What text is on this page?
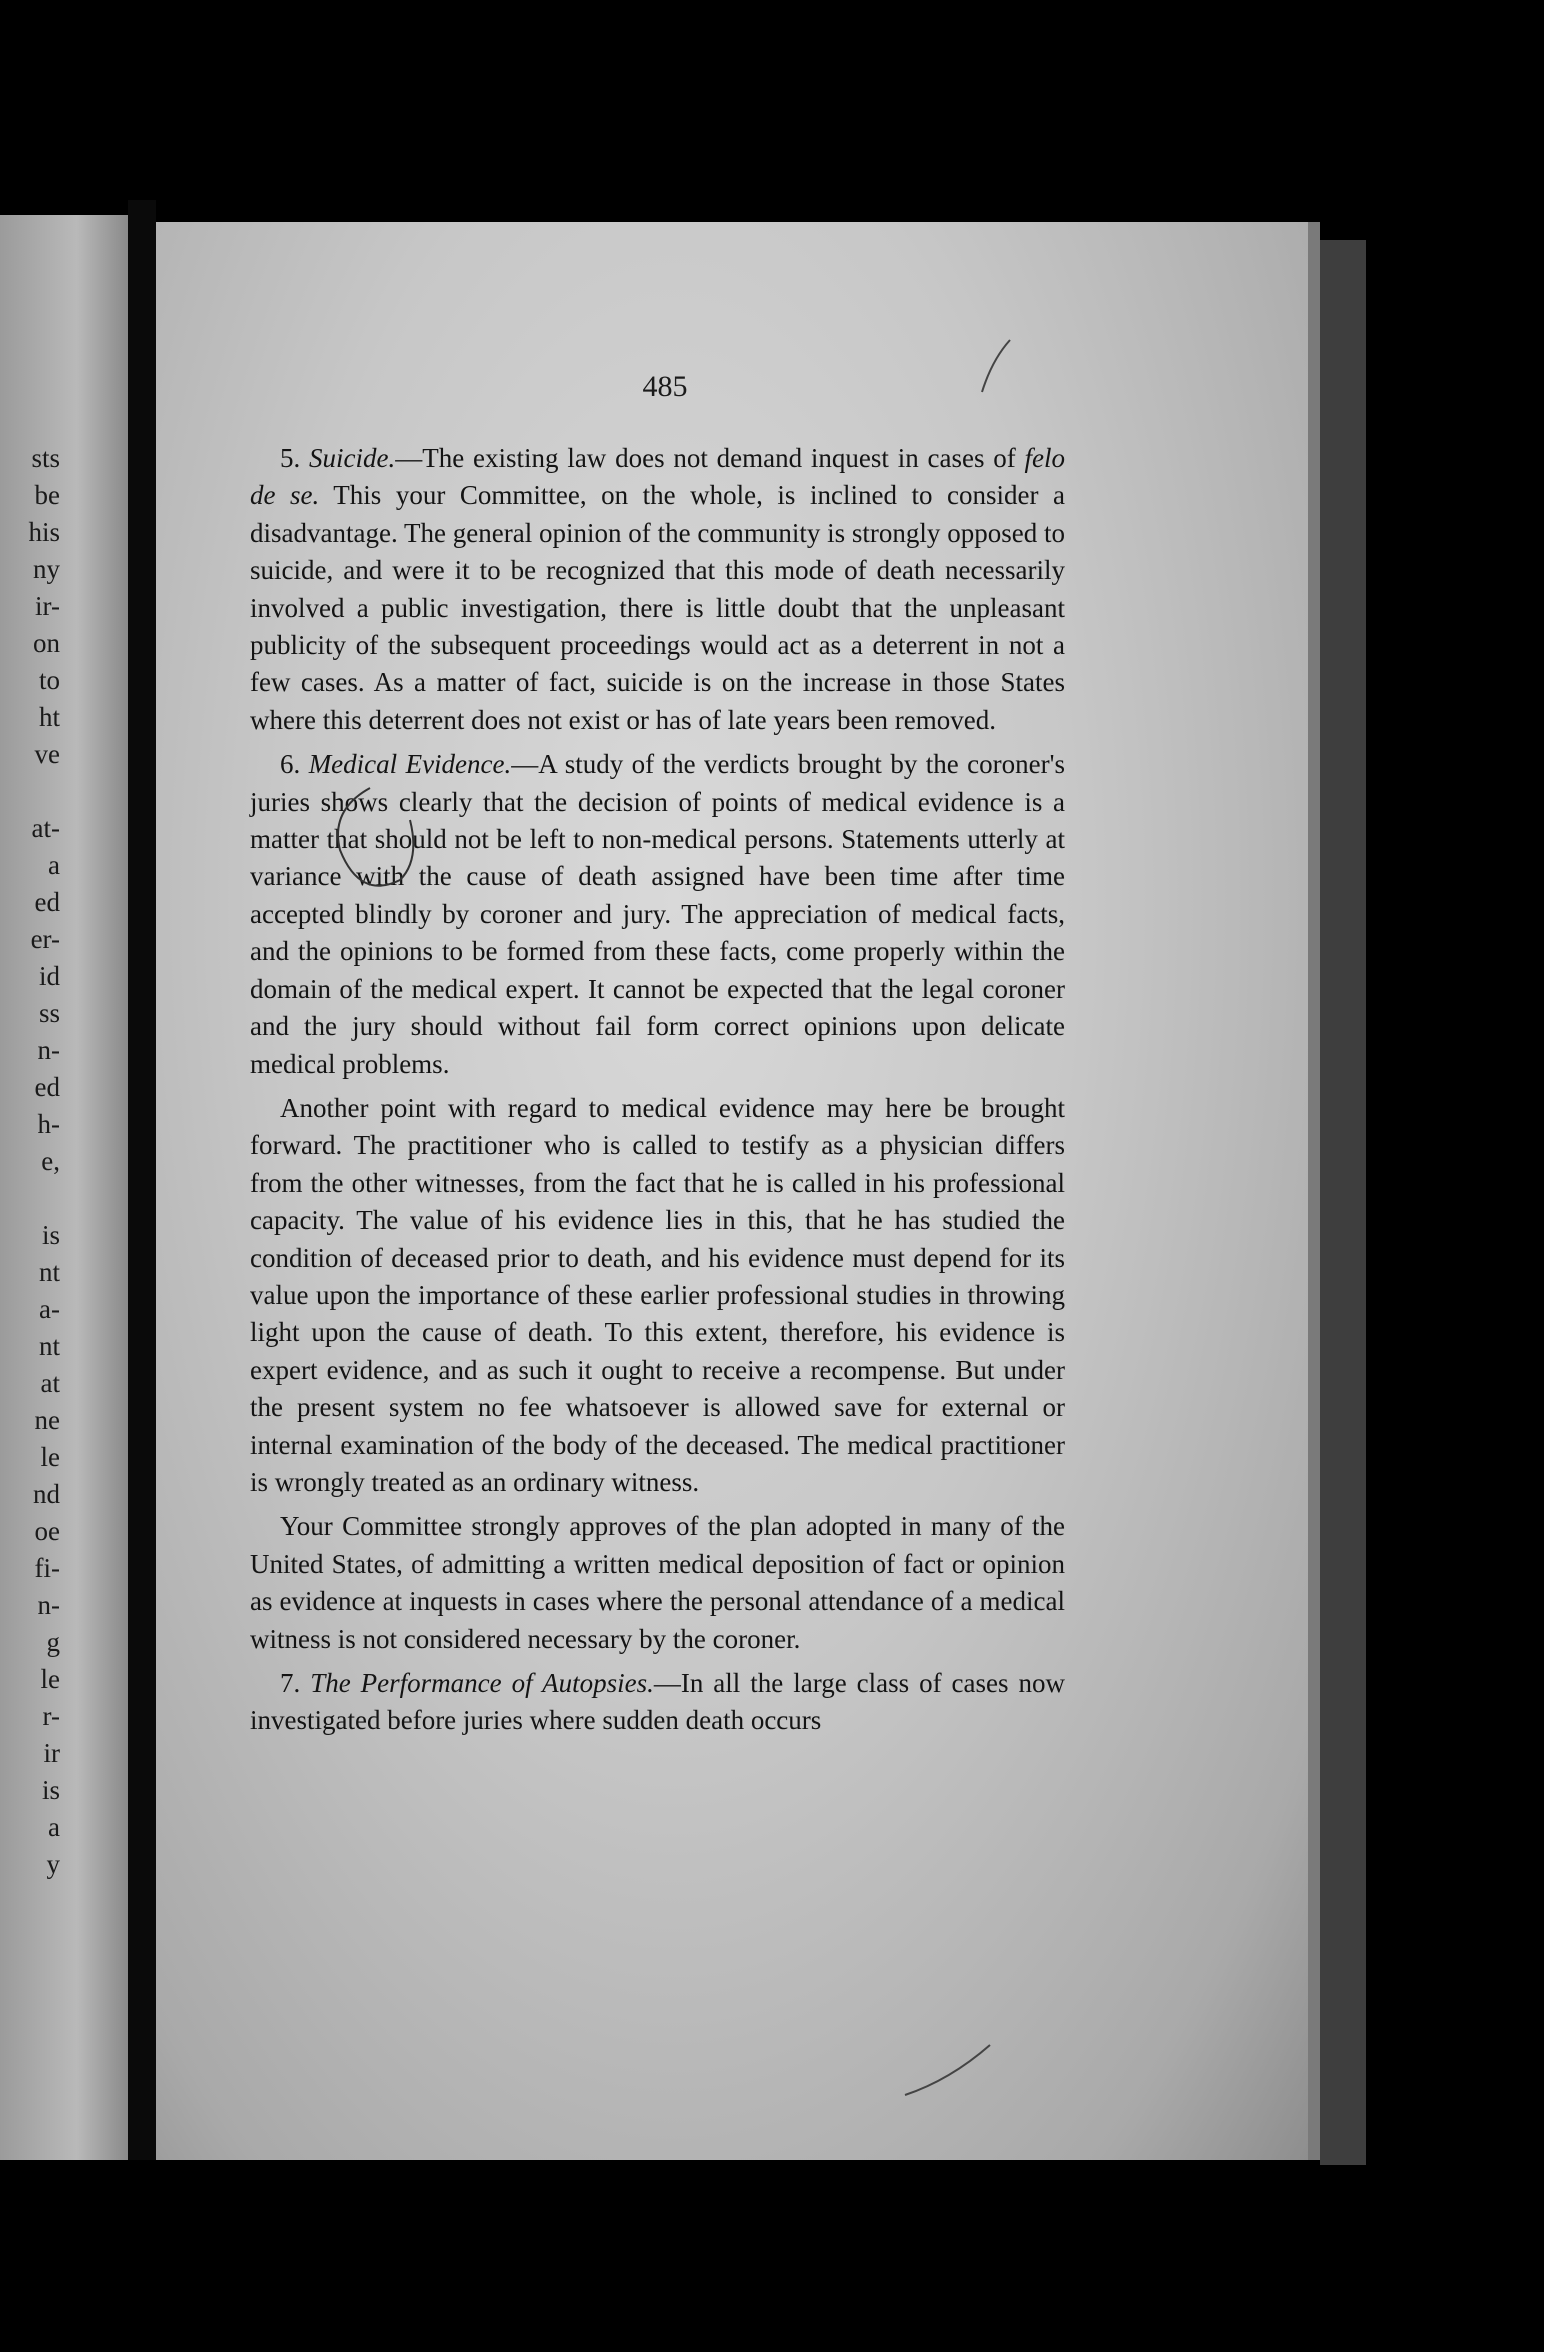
sts
be
his
ny
ir-
on
to
ht
ve
at-
a
ed
er-
id
ss
n-
ed
h-
e,
is
nt
a-
nt
at
ne
le
nd
oe
fi-
n-
g
le
r-
ir
is
a
y
485

5. Suicide.—The existing law does not demand inquest in cases of felo de se. This your Committee, on the whole, is inclined to consider a disadvantage. The general opinion of the community is strongly opposed to suicide, and were it to be recognized that this mode of death necessarily involved a public investigation, there is little doubt that the unpleasant publicity of the subsequent proceedings would act as a deterrent in not a few cases. As a matter of fact, suicide is on the increase in those States where this deterrent does not exist or has of late years been removed.

6. Medical Evidence.—A study of the verdicts brought by the coroner's juries shows clearly that the decision of points of medical evidence is a matter that should not be left to non-medical persons. Statements utterly at variance with the cause of death assigned have been time after time accepted blindly by coroner and jury. The appreciation of medical facts, and the opinions to be formed from these facts, come properly within the domain of the medical expert. It cannot be expected that the legal coroner and the jury should without fail form correct opinions upon delicate medical problems.

Another point with regard to medical evidence may here be brought forward. The practitioner who is called to testify as a physician differs from the other witnesses, from the fact that he is called in his professional capacity. The value of his evidence lies in this, that he has studied the condition of deceased prior to death, and his evidence must depend for its value upon the importance of these earlier professional studies in throwing light upon the cause of death. To this extent, therefore, his evidence is expert evidence, and as such it ought to receive a recompense. But under the present system no fee whatsoever is allowed save for external or internal examination of the body of the deceased. The medical practitioner is wrongly treated as an ordinary witness.

Your Committee strongly approves of the plan adopted in many of the United States, of admitting a written medical deposition of fact or opinion as evidence at inquests in cases where the personal attendance of a medical witness is not considered necessary by the coroner.

7. The Performance of Autopsies.—In all the large class of cases now investigated before juries where sudden death occurs
